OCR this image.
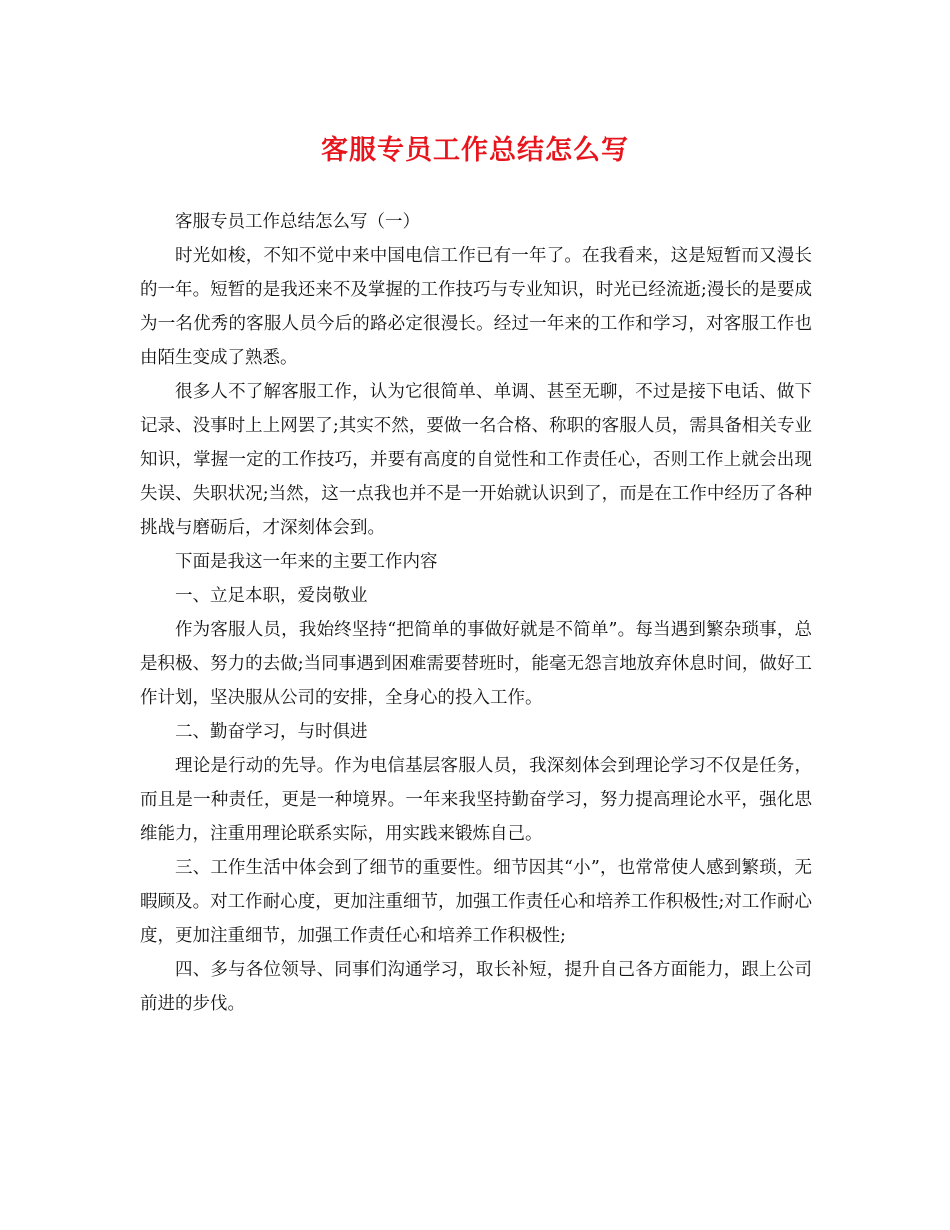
客服专员工作总结怎么写

客服专员工作总结怎么写（一）

时光如梭，不知不觉中来中国电信工作已有一年了。在我看来，这是短暂而又漫长的一年。短暂的是我还来不及掌握的工作技巧与专业知识，时光已经流逝;漫长的是要成为一名优秀的客服人员今后的路必定很漫长。经过一年来的工作和学习，对客服工作也由陌生变成了熟悉。

很多人不了解客服工作，认为它很简单、单调、甚至无聊，不过是接下电话、做下记录、没事时上上网罢了;其实不然，要做一名合格、称职的客服人员，需具备相关专业知识，掌握一定的工作技巧，并要有高度的自觉性和工作责任心，否则工作上就会出现失误、失职状况;当然，这一点我也并不是一开始就认识到了，而是在工作中经历了各种挑战与磨砺后，才深刻体会到。

下面是我这一年来的主要工作内容

一、立足本职，爱岗敬业

作为客服人员，我始终坚持“把简单的事做好就是不简单”。每当遇到繁杂琐事，总是积极、努力的去做;当同事遇到困难需要替班时，能毫无怨言地放弃休息时间，做好工作计划，坚决服从公司的安排，全身心的投入工作。

二、勤奋学习，与时俱进

理论是行动的先导。作为电信基层客服人员，我深刻体会到理论学习不仅是任务，而且是一种责任，更是一种境界。一年来我坚持勤奋学习，努力提高理论水平，强化思维能力，注重用理论联系实际，用实践来锻炼自己。

三、工作生活中体会到了细节的重要性。细节因其“小”，也常常使人感到繁琐，无暇顾及。对工作耐心度，更加注重细节，加强工作责任心和培养工作积极性;对工作耐心度，更加注重细节，加强工作责任心和培养工作积极性;

四、多与各位领导、同事们沟通学习，取长补短，提升自己各方面能力，跟上公司前进的步伐。
